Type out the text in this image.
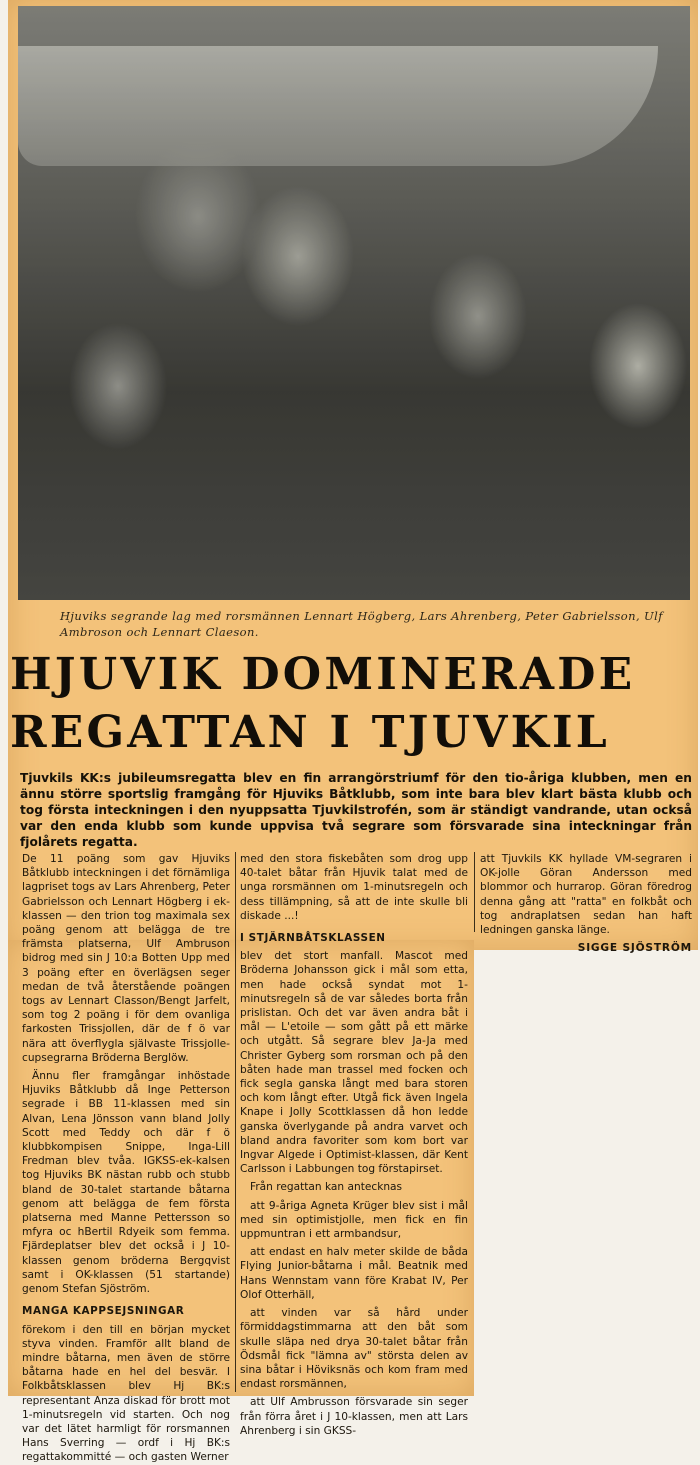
Hjuviks segrande lag med rorsmännen Lennart Högberg, Lars Ahrenberg, Peter Gabrielsson, Ulf Ambroson och Lennart Claeson.
HJUVIK DOMINERADE
REGATTAN I TJUVKIL
Tjuvkils KK:s jubileumsregatta blev en fin arrangörstriumf för den tio-åriga klubben, men en ännu större sportslig framgång för Hjuviks Båtklubb, som inte bara blev klart bästa klubb och tog första inteckningen i den nyuppsatta Tjuvkilstrofén, som är ständigt vandrande, utan också var den enda klubb som kunde uppvisa två segrare som försvarade sina inteckningar från fjolårets regatta.

De 11 poäng som gav Hjuviks Båtklubb inteckningen i det förnämliga lagpriset togs av Lars Ahrenberg, Peter Gabrielsson och Lennart Högberg i ek-klassen — den trion tog maximala sex poäng genom att belägga de tre främsta platserna, Ulf Ambruson bidrog med sin J 10:a Botten Upp med 3 poäng efter en överlägsen seger medan de två återstående poängen togs av Lennart Classon/Bengt Jarfelt, som tog 2 poäng i för dem ovanliga farkosten Trissjollen, där de f ö var nära att överflygla självaste Trissjolle-cupsegrarna Bröderna Berglöw.

Ännu fler framgångar inhöstade Hjuviks Båtklubb då Inge Petterson segrade i BB 11-klassen med sin Alvan, Lena Jönsson vann bland Jolly Scott med Teddy och där f ö klubbkompisen Snippe, Inga-Lill Fredman blev tvåa. IGKSS-ek-kalsen tog Hjuviks BK nästan rubb och stubb bland de 30-talet startande båtarna genom att belägga de fem första platserna med Manne Pettersson so mfyra oc hBertil Rdyeik som femma. Fjärdeplatser blev det också i J 10-klassen genom bröderna Bergqvist samt i OK-klassen (51 startande) genom Stefan Sjöström.

MANGA KAPPSEJSNINGAR

förekom i den till en början mycket styva vinden. Framför allt bland de mindre båtarna, men även de större båtarna hade en hel del besvär. I Folkbåtsklassen blev Hj BK:s representant Anza diskad för brott mot 1-minutsregeln vid starten. Och nog var det lätet harmligt för rorsmannen Hans Sverring — ordf i Hj BK:s regattakommitté — och gasten Werner

med den stora fiskebåten som drog upp 40-talet båtar från Hjuvik talat med de unga rorsmännen om 1-minutsregeln och dess tillämpning, så att de inte skulle bli diskade ...!

I STJÄRNBÅTSKLASSEN

blev det stort manfall. Mascot med Bröderna Johansson gick i mål som etta, men hade också syndat mot 1-minutsregeln så de var således borta från prislistan. Och det var även andra båt i mål — L'etoile — som gått på ett märke och utgått. Så segrare blev Ja-Ja med Christer Gyberg som rorsman och på den båten hade man trassel med focken och fick segla ganska långt med bara storen och kom långt efter. Utgå fick även Ingela Knape i Jolly Scottklassen då hon ledde ganska överlygande på andra varvet och bland andra favoriter som kom bort var Ingvar Algede i Optimist-klassen, där Kent Carlsson i Labbungen tog förstapirset.

Från regattan kan antecknas

att 9-åriga Agneta Krüger blev sist i mål med sin optimistjolle, men fick en fin uppmuntran i ett armbandsur,

att endast en halv meter skilde de båda Flying Junior-båtarna i mål. Beatnik med Hans Wennstam vann före Krabat IV, Per Olof Otterhäll,

att vinden var så hård under förmiddagstimmarna att den båt som skulle släpa ned drya 30-talet båtar från Ödsmål fick "lämna av" största delen av sina båtar i Höviksnäs och kom fram med endast rorsmännen,

att Ulf Ambrusson försvarade sin seger från förra året i J 10-klassen, men att Lars Ahrenberg i sin GKSS-

att Tjuvkils KK hyllade VM-segraren i OK-jolle Göran Andersson med blommor och hurrarop. Göran föredrog denna gång att "ratta" en folkbåt och tog andraplatsen sedan han haft ledningen ganska länge.

SIGGE SJÖSTRÖM
